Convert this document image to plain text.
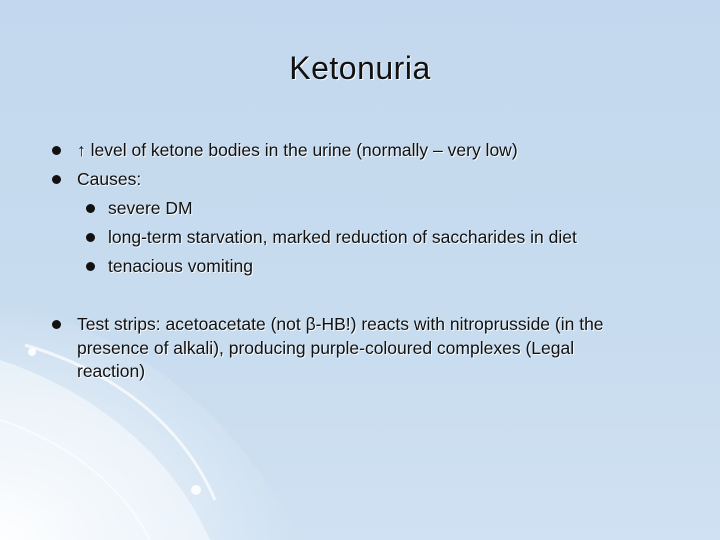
Ketonuria
↑ level of ketone bodies in the urine (normally – very low)
Causes:
severe DM
long-term starvation, marked reduction of saccharides in diet
tenacious vomiting
Test strips: acetoacetate (not β-HB!) reacts with nitroprusside (in the
presence of alkali), producing purple-coloured complexes (Legal
reaction)
